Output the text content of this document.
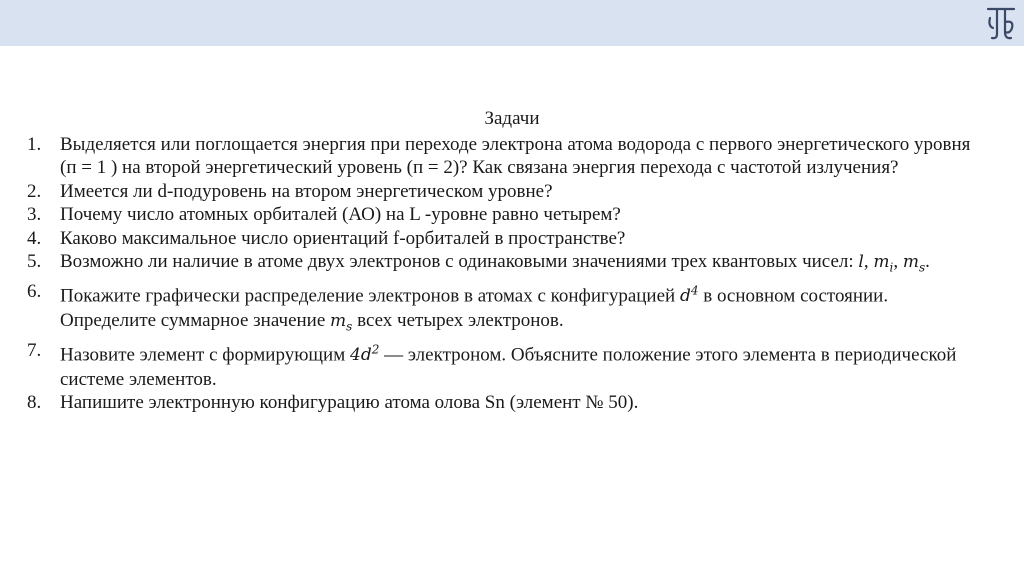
Задачи
1. Выделяется или поглощается энергия при переходе электрона атома водорода с первого энергетического уровня (п = 1 ) на второй энергетический уровень (п = 2)? Как связана энергия перехода с частотой излучения?
2. Имеется ли d-подуровень на втором энергетическом уровне?
3. Почему число атомных орбиталей (АО) на L -уровне равно четырем?
4. Каково максимальное число ориентаций f-орбиталей в пространстве?
5. Возможно ли наличие в атоме двух электронов с одинаковыми значениями трех квантовых чисел: l, $m_i$, $m_s$.
6. Покажите графически распределение электронов в атомах с конфигурацией $d^4$ в основном состоянии. Определите суммарное значение $m_s$ всех четырех электронов.
7. Назовите элемент с формирующим $4d^2$ — электроном. Объясните положение этого элемента в периодической системе элементов.
8. Напишите электронную конфигурацию атома олова Sn (элемент № 50).
